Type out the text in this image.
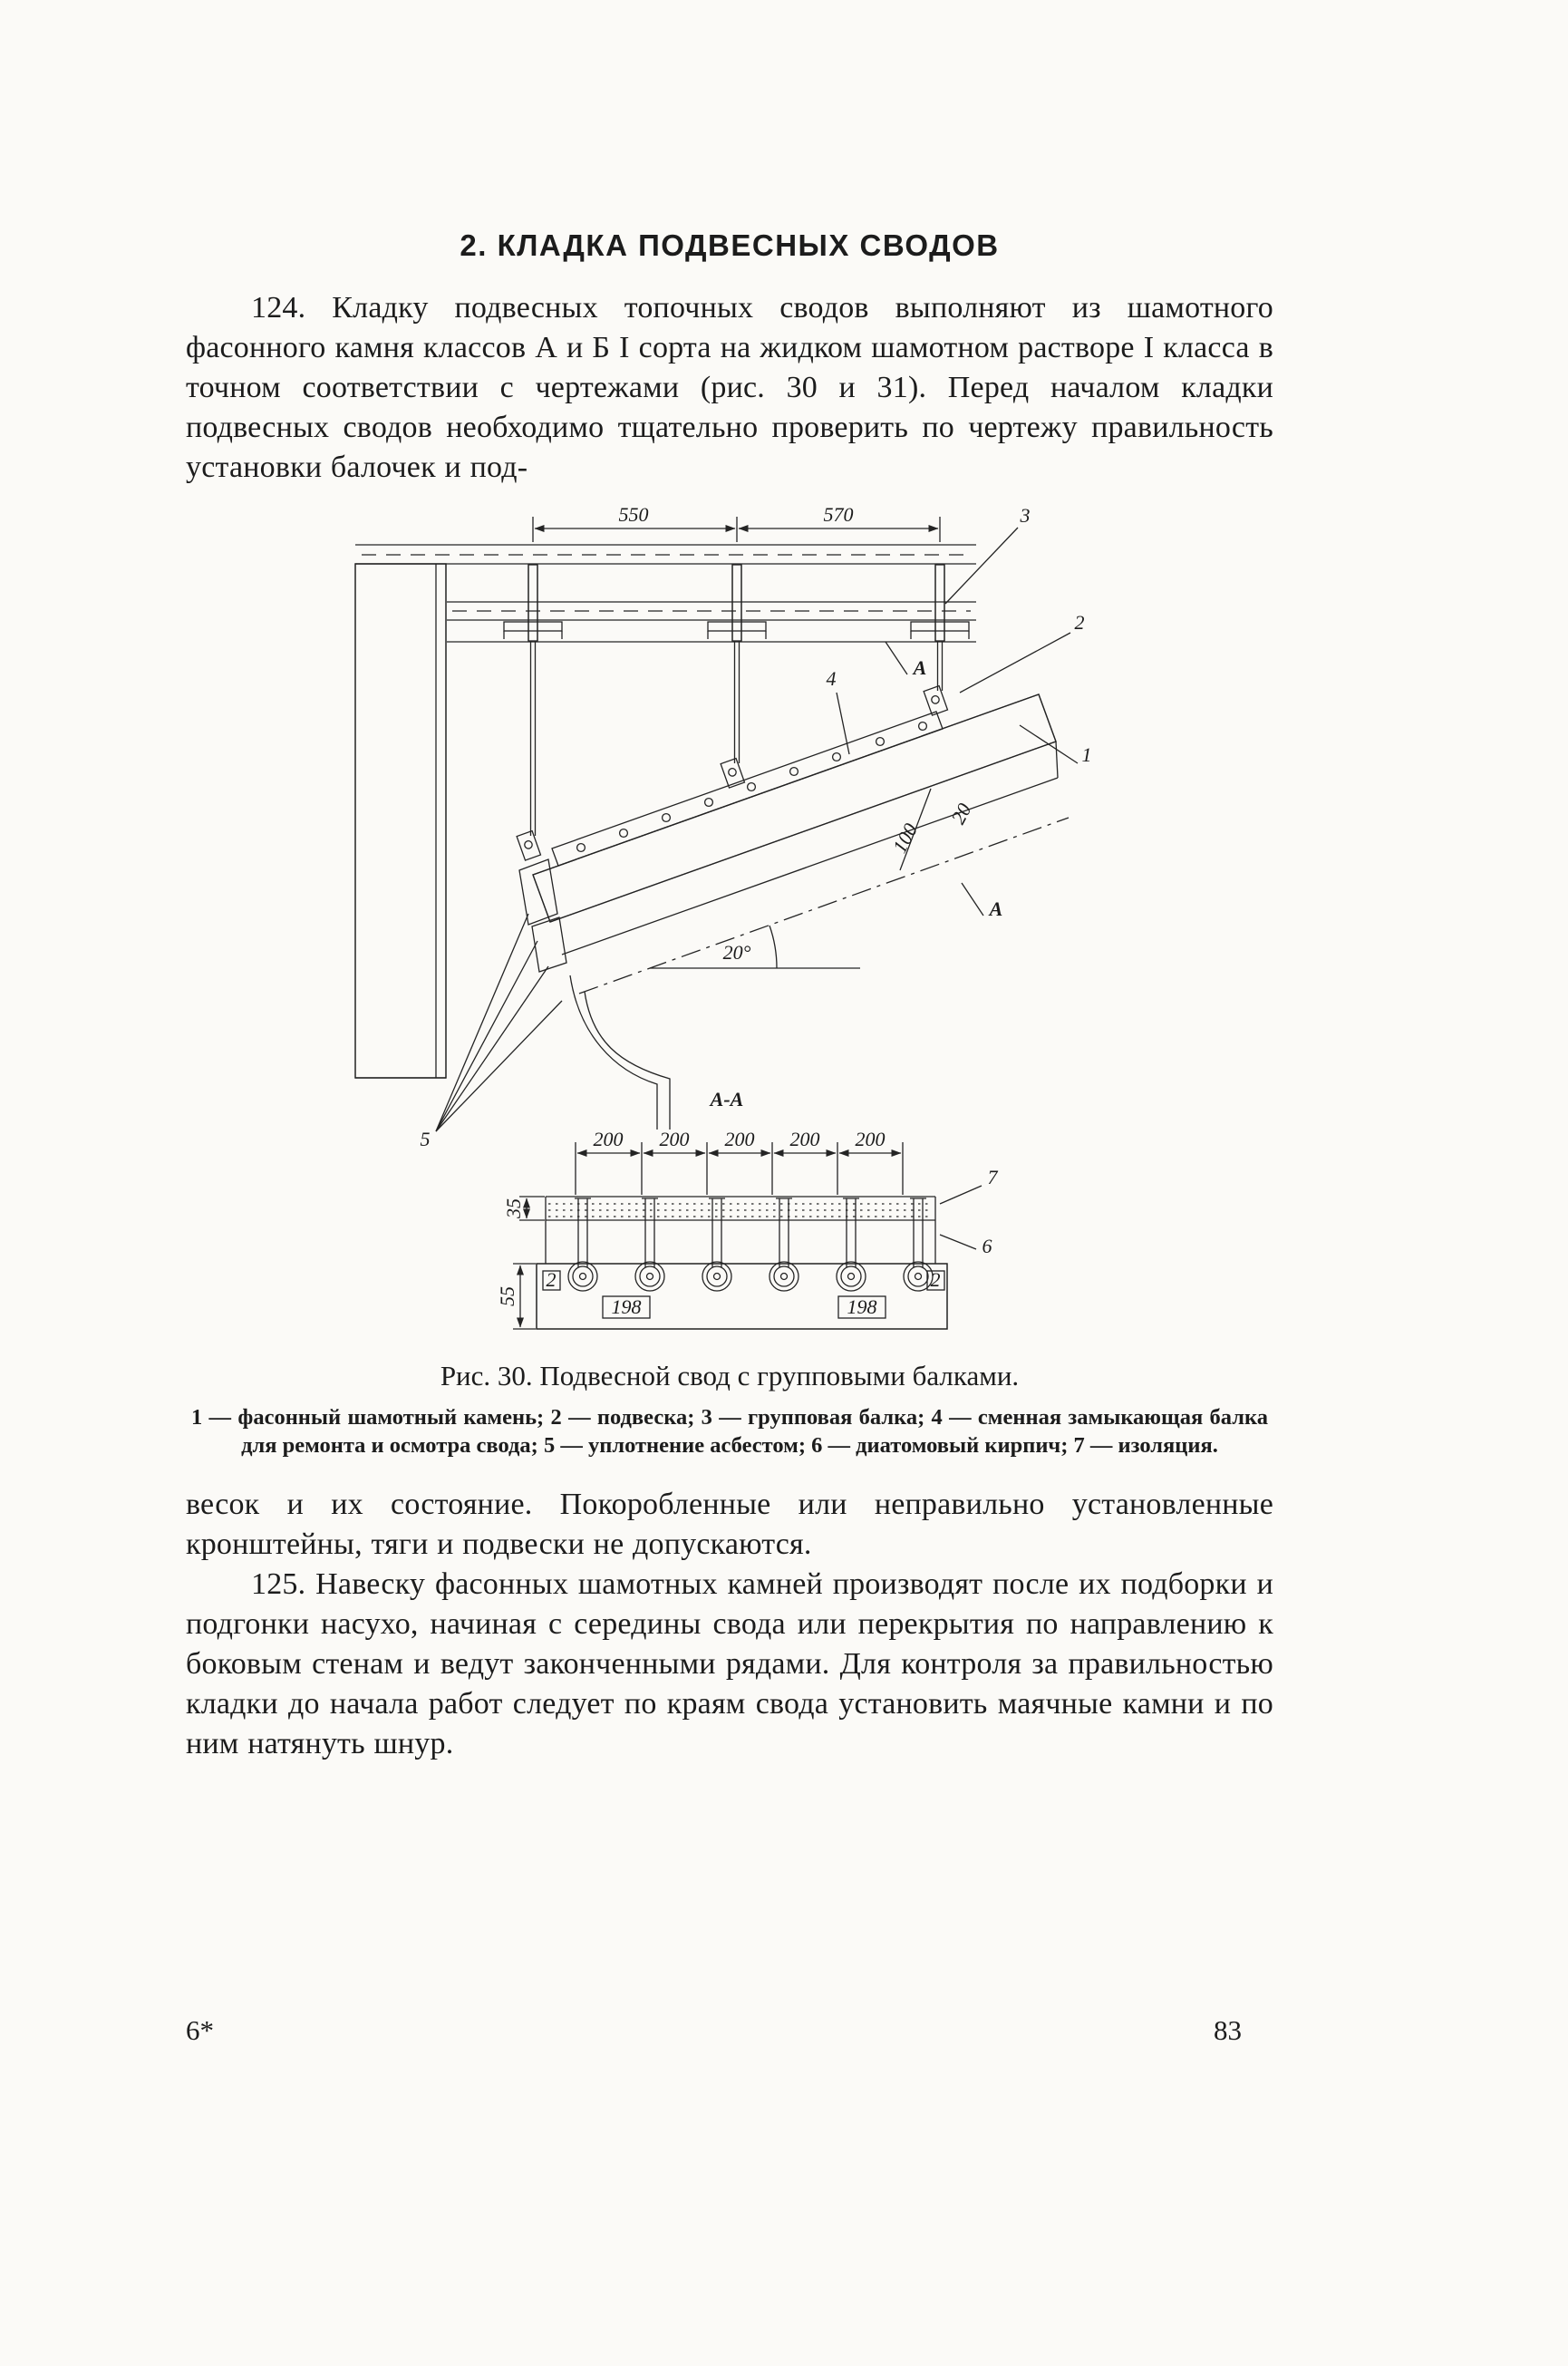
2. КЛАДКА ПОДВЕСНЫХ СВОДОВ

124. Кладку подвесных топочных сводов выполняют из шамотного фасонного камня классов А и Б I сорта на жидком шамотном растворе I класса в точном соответствии с чертежами (рис. 30 и 31). Перед началом кладки подвесных сводов необходимо тщательно проверить по чертежу правильность установки балочек и под-

550	570
20°
100
20
А
А
3
2
4
1
5
А-А
200 200 200 200 200
198	198
2	2
35
55
7
6
Рис. 30. Подвесной свод с групповыми балками.
1 — фасонный шамотный камень; 2 — подвеска; 3 — групповая балка; 4 — сменная замыкающая балка для ремонта и осмотра свода; 5 — уплотнение асбестом; 6 — диатомовый кирпич; 7 — изоляция.

весок и их состояние. Покоробленные или неправильно установленные кронштейны, тяги и подвески не допускаются.

125. Навеску фасонных шамотных камней производят после их подборки и подгонки насухо, начиная с середины свода или перекрытия по направлению к боковым стенам и ведут законченными рядами. Для контроля за правильностью кладки до начала работ следует по краям свода установить маячные камни и по ним натянуть шнур.

6*	83
